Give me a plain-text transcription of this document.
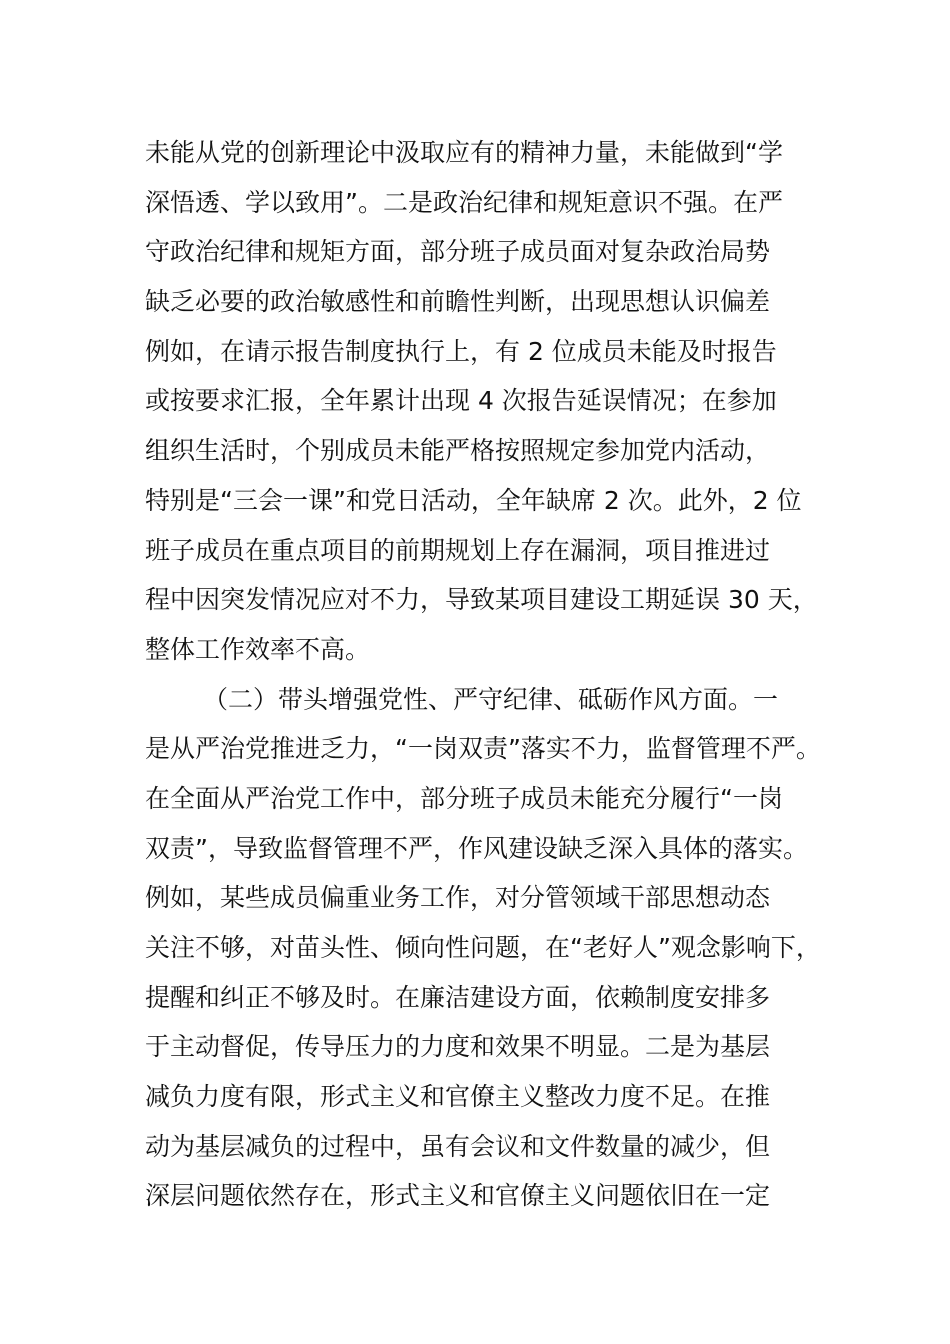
未能从党的创新理论中汲取应有的精神力量，未能做到“学
深悟透、学以致用”。二是政治纪律和规矩意识不强。在严
守政治纪律和规矩方面，部分班子成员面对复杂政治局势
缺乏必要的政治敏感性和前瞻性判断，出现思想认识偏差
例如，在请示报告制度执行上，有 2 位成员未能及时报告
或按要求汇报，全年累计出现 4 次报告延误情况；在参加
组织生活时，个别成员未能严格按照规定参加党内活动，
特别是“三会一课”和党日活动，全年缺席 2 次。此外，2 位
班子成员在重点项目的前期规划上存在漏洞，项目推进过
程中因突发情况应对不力，导致某项目建设工期延误 30 天，
整体工作效率不高。
（二）带头增强党性、严守纪律、砥砺作风方面。一
是从严治党推进乏力，“一岗双责”落实不力，监督管理不严。
在全面从严治党工作中，部分班子成员未能充分履行“一岗
双责”，导致监督管理不严，作风建设缺乏深入具体的落实。
例如，某些成员偏重业务工作，对分管领域干部思想动态
关注不够，对苗头性、倾向性问题，在“老好人”观念影响下，
提醒和纠正不够及时。在廉洁建设方面，依赖制度安排多
于主动督促，传导压力的力度和效果不明显。二是为基层
减负力度有限，形式主义和官僚主义整改力度不足。在推
动为基层减负的过程中，虽有会议和文件数量的减少，但
深层问题依然存在，形式主义和官僚主义问题依旧在一定
